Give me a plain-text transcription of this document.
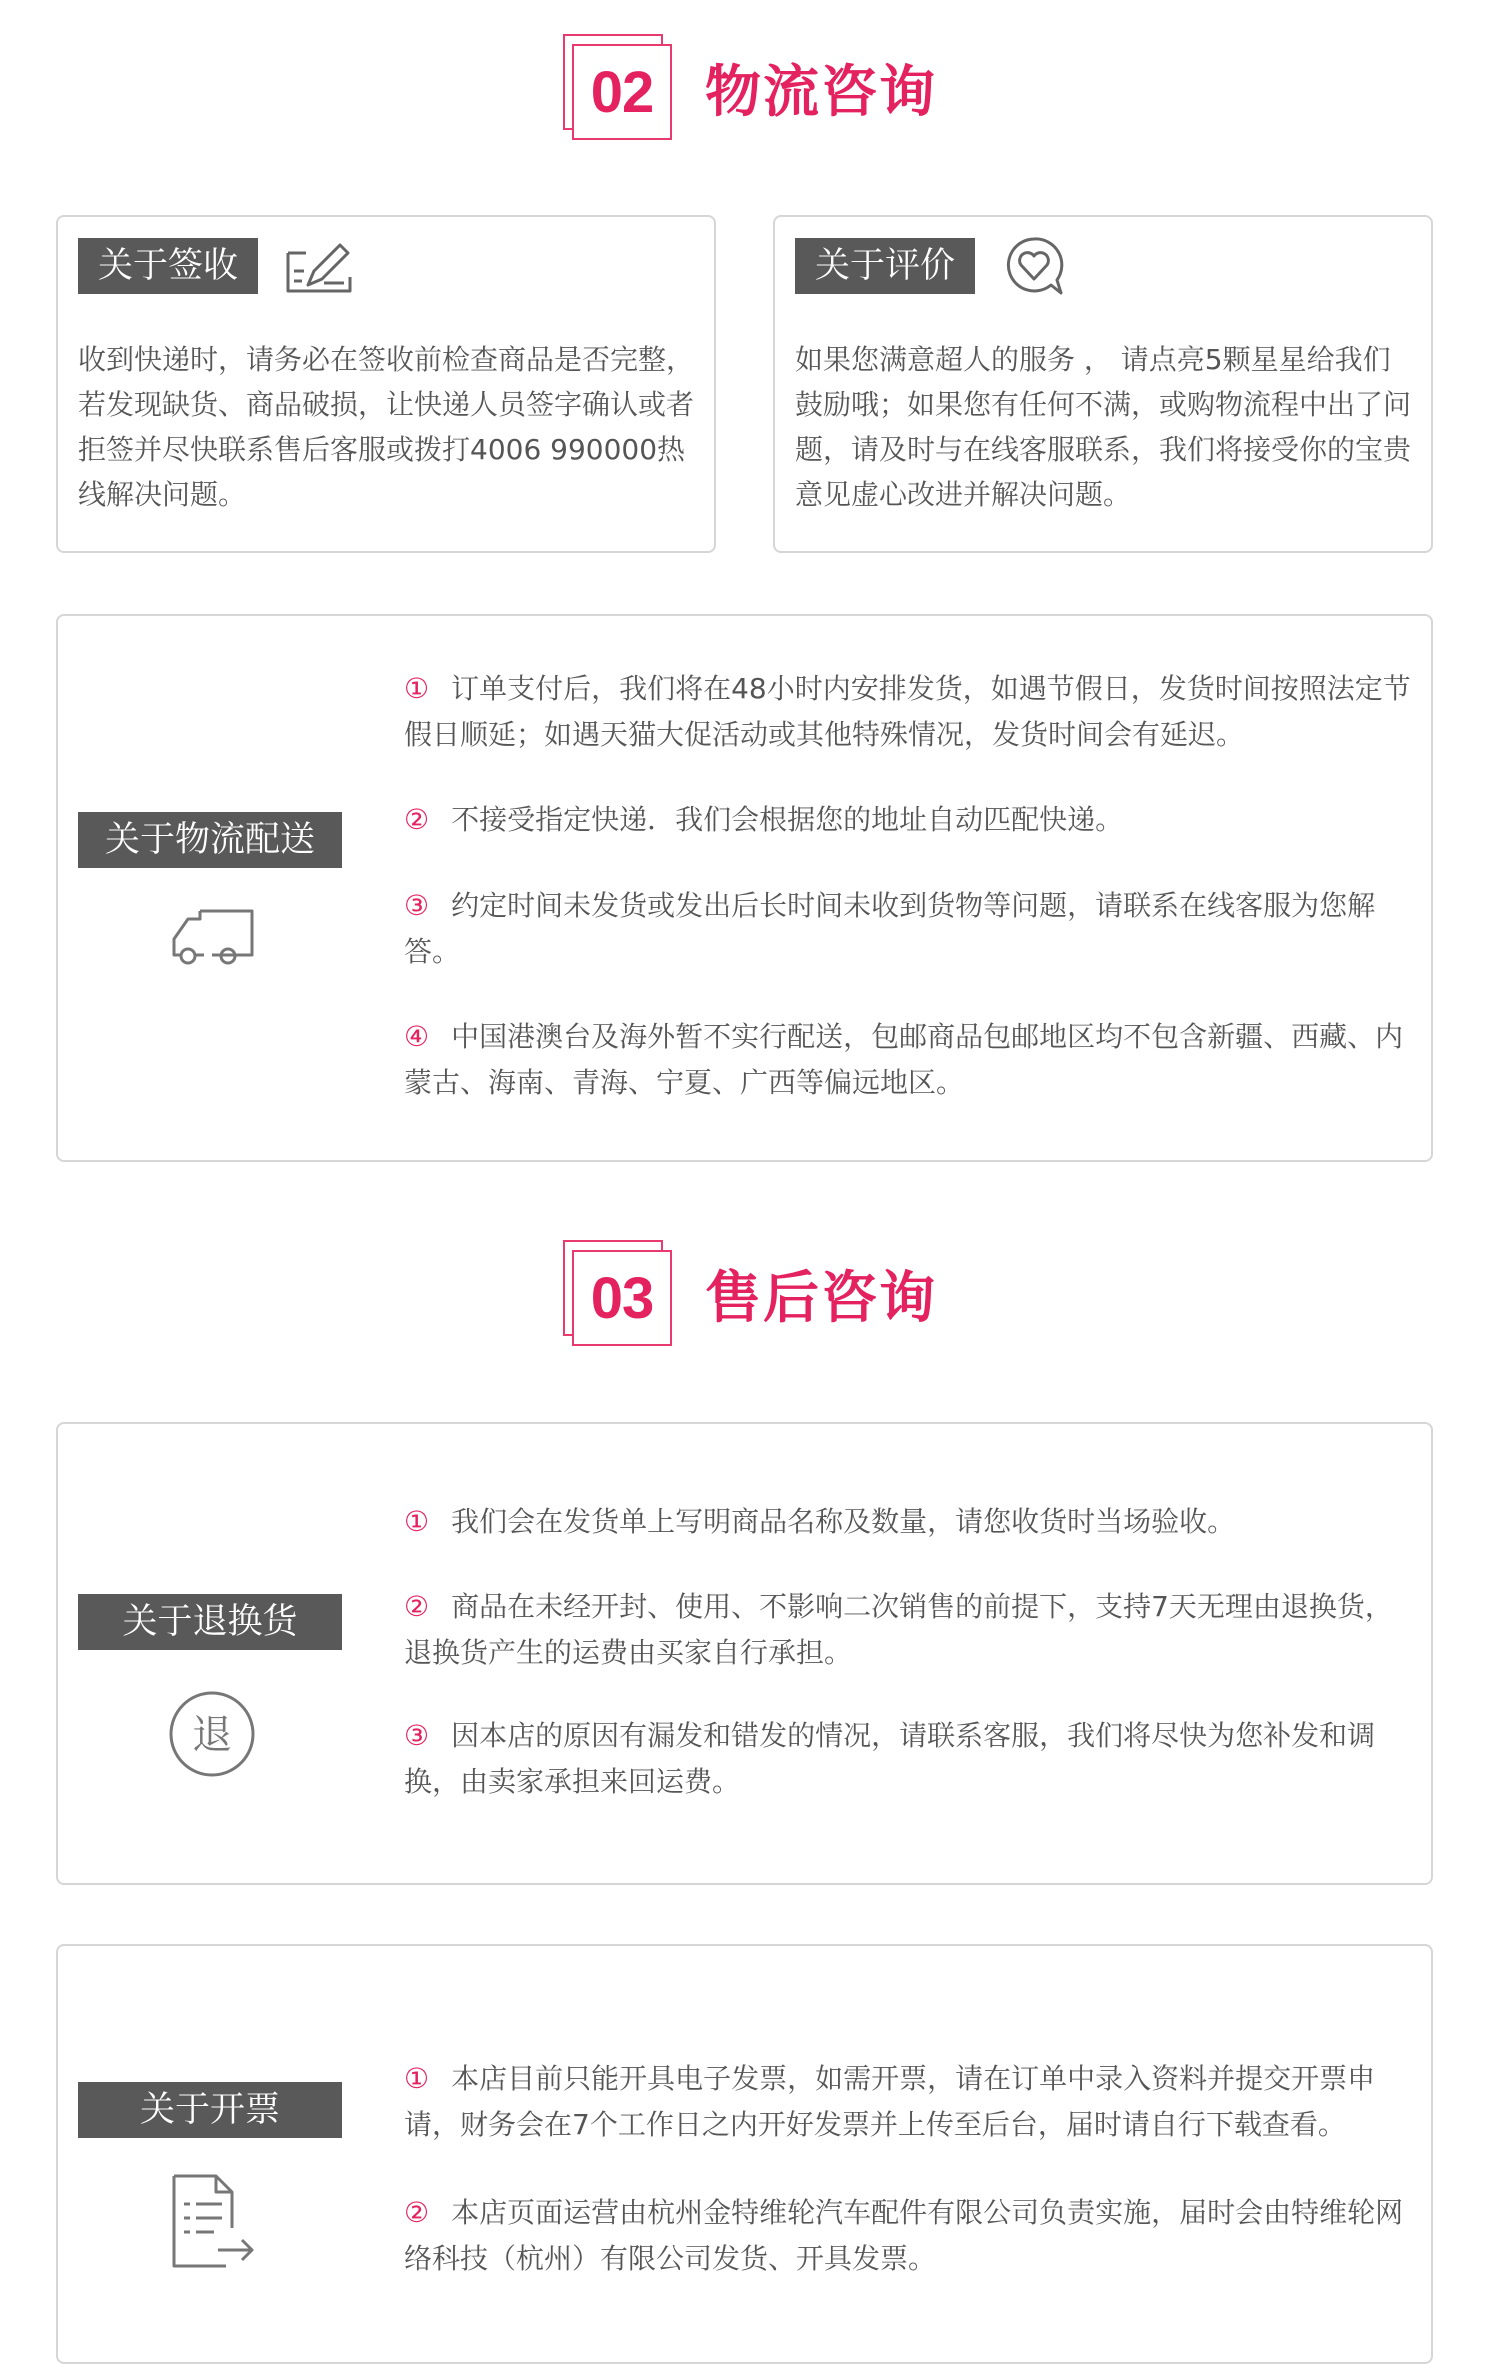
02 物流咨询
关于签收
收到快递时，请务必在签收前检查商品是否完整，若发现缺货、商品破损，让快递人员签字确认或者拒签并尽快联系售后客服或拨打4006 990000热线解决问题。
关于评价
如果您满意超人的服务 ， 请点亮5颗星星给我们鼓励哦；如果您有任何不满，或购物流程中出了问题，请及时与在线客服联系，我们将接受你的宝贵意见虚心改进并解决问题。
关于物流配送
① 订单支付后，我们将在48小时内安排发货，如遇节假日，发货时间按照法定节假日顺延；如遇天猫大促活动或其他特殊情况，发货时间会有延迟。
② 不接受指定快递．我们会根据您的地址自动匹配快递。
③ 约定时间未发货或发出后长时间未收到货物等问题，请联系在线客服为您解答。
④ 中国港澳台及海外暂不实行配送，包邮商品包邮地区均不包含新疆、西藏、内蒙古、海南、青海、宁夏、广西等偏远地区。
03 售后咨询
关于退换货
退
① 我们会在发货单上写明商品名称及数量，请您收货时当场验收。
② 商品在未经开封、使用、不影响二次销售的前提下，支持7天无理由退换货，退换货产生的运费由买家自行承担。
③ 因本店的原因有漏发和错发的情况，请联系客服，我们将尽快为您补发和调换，由卖家承担来回运费。
关于开票
① 本店目前只能开具电子发票，如需开票，请在订单中录入资料并提交开票申请，财务会在7个工作日之内开好发票并上传至后台，届时请自行下载查看。
② 本店页面运营由杭州金特维轮汽车配件有限公司负责实施，届时会由特维轮网络科技（杭州）有限公司发货、开具发票。
